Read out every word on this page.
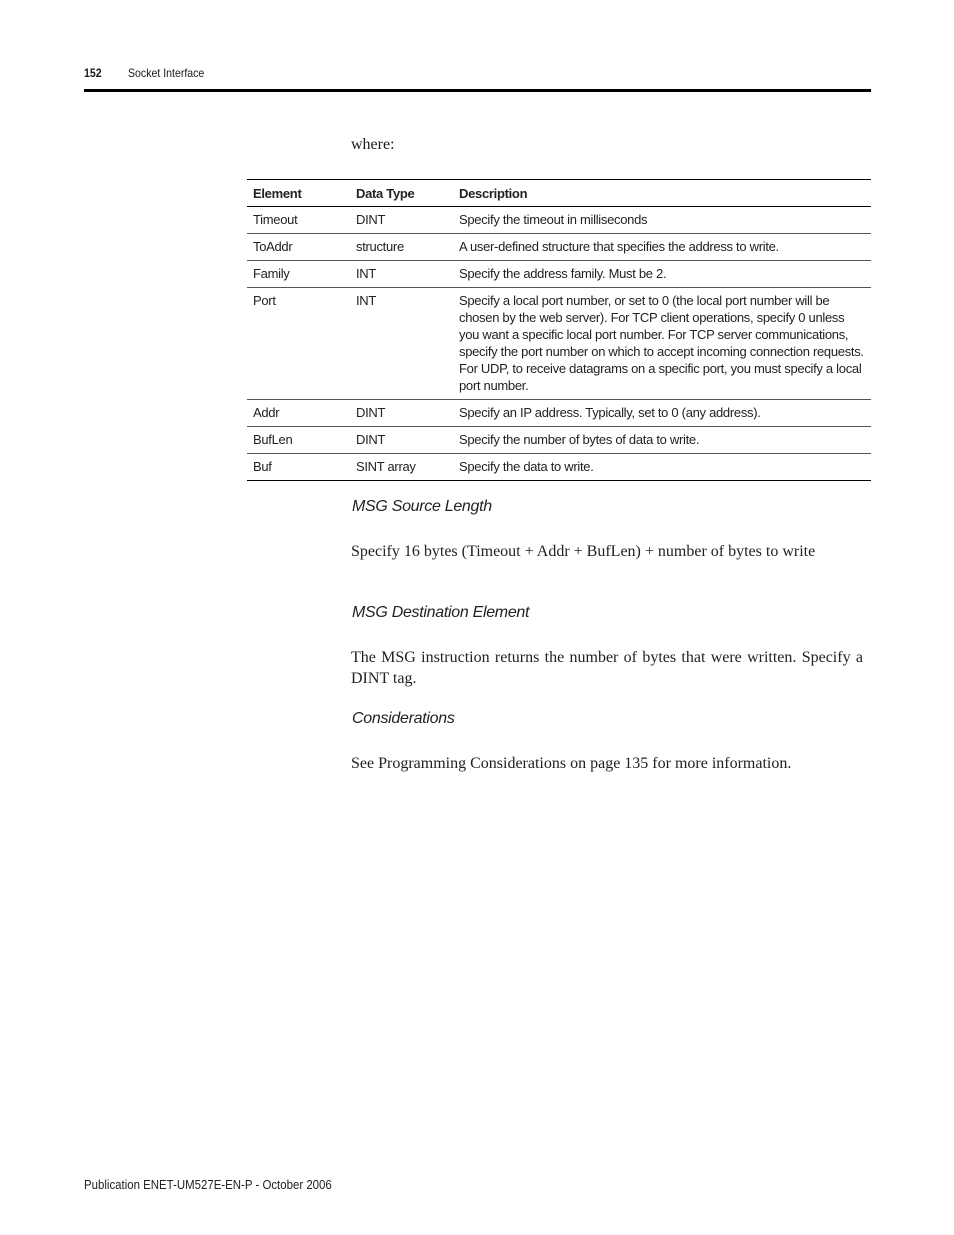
152 Socket Interface
where:
Element	Data Type	Description
Timeout	DINT	Specify the timeout in milliseconds
ToAddr	structure	A user-defined structure that specifies the address to write.
Family	INT	Specify the address family. Must be 2.
Port	INT	Specify a local port number, or set to 0 (the local port number will be chosen by the web server). For TCP client operations, specify 0 unless you want a specific local port number. For TCP server communications, specify the port number on which to accept incoming connection requests. For UDP, to receive datagrams on a specific port, you must specify a local port number.
Addr	DINT	Specify an IP address. Typically, set to 0 (any address).
BufLen	DINT	Specify the number of bytes of data to write.
Buf	SINT array	Specify the data to write.
MSG Source Length
Specify 16 bytes (Timeout + Addr + BufLen) + number of bytes to write
MSG Destination Element
The MSG instruction returns the number of bytes that were written. Specify a DINT tag.
Considerations
See Programming Considerations on page 135 for more information.
Publication ENET-UM527E-EN-P - October 2006
